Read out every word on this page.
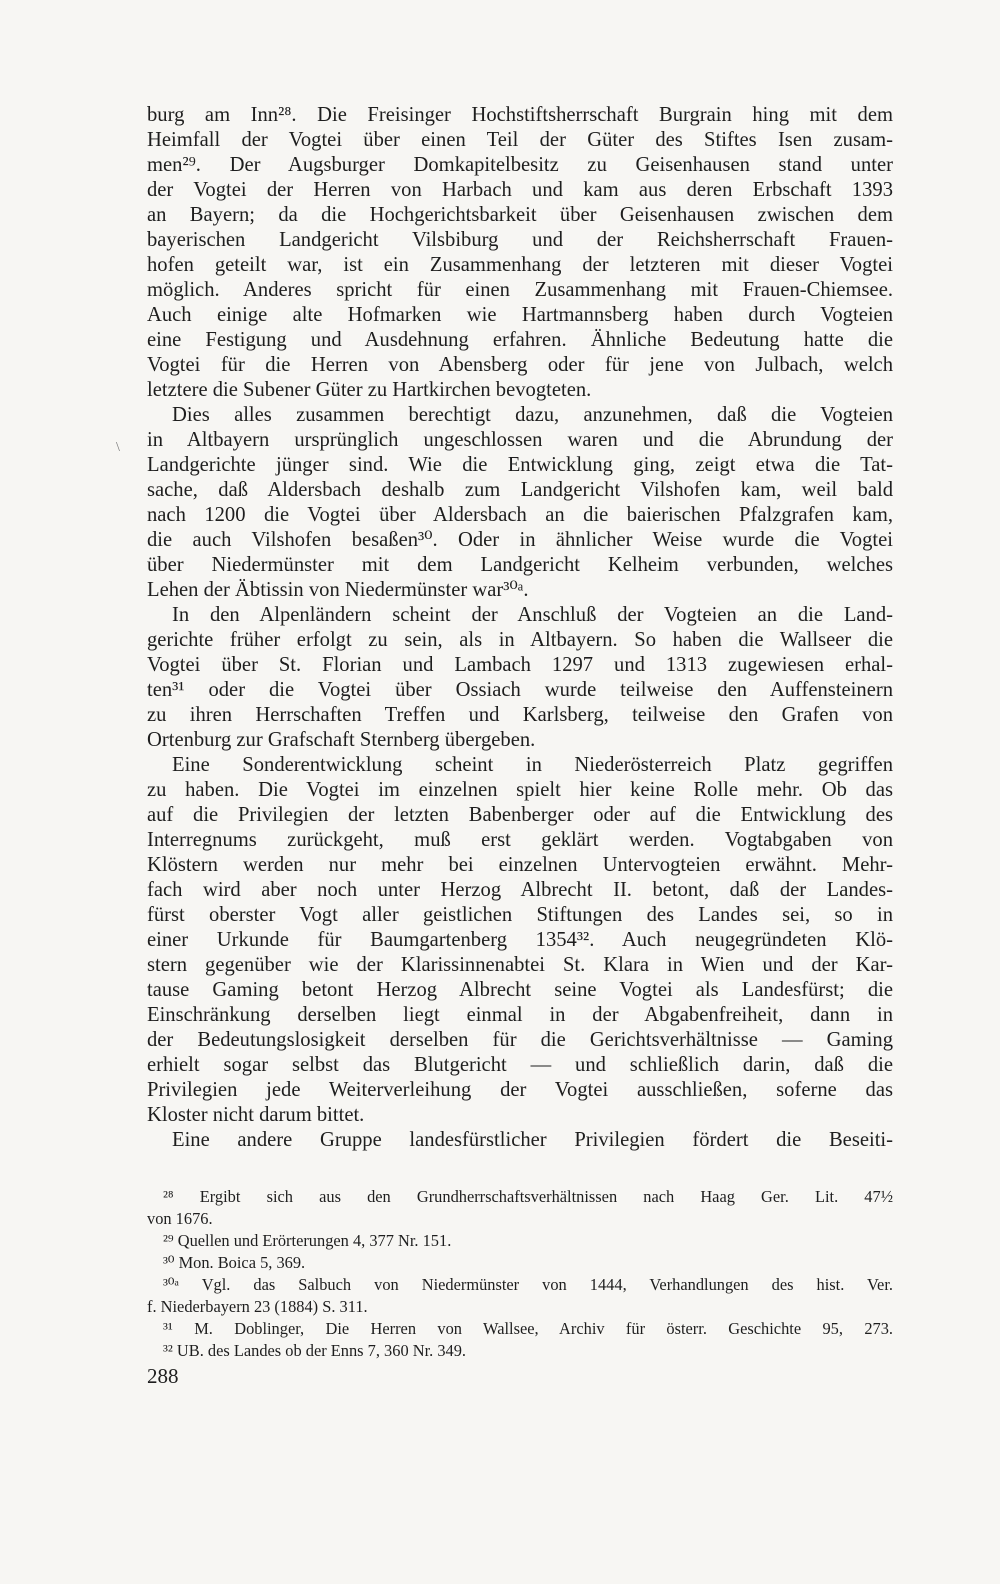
burg am Inn²⁸. Die Freisinger Hochstiftsherrschaft Burgrain hing mit dem
Heimfall der Vogtei über einen Teil der Güter des Stiftes Isen zusam-
men²⁹. Der Augsburger Domkapitelbesitz zu Geisenhausen stand unter
der Vogtei der Herren von Harbach und kam aus deren Erbschaft 1393
an Bayern; da die Hochgerichtsbarkeit über Geisenhausen zwischen dem
bayerischen Landgericht Vilsbiburg und der Reichsherrschaft Frauen-
hofen geteilt war, ist ein Zusammenhang der letzteren mit dieser Vogtei
möglich. Anderes spricht für einen Zusammenhang mit Frauen-Chiemsee.
Auch einige alte Hofmarken wie Hartmannsberg haben durch Vogteien
eine Festigung und Ausdehnung erfahren. Ähnliche Bedeutung hatte die
Vogtei für die Herren von Abensberg oder für jene von Julbach, welch
letztere die Subener Güter zu Hartkirchen bevogteten.
Dies alles zusammen berechtigt dazu, anzunehmen, daß die Vogteien
in Altbayern ursprünglich ungeschlossen waren und die Abrundung der
Landgerichte jünger sind. Wie die Entwicklung ging, zeigt etwa die Tat-
sache, daß Aldersbach deshalb zum Landgericht Vilshofen kam, weil bald
nach 1200 die Vogtei über Aldersbach an die baierischen Pfalzgrafen kam,
die auch Vilshofen besaßen³⁰. Oder in ähnlicher Weise wurde die Vogtei
über Niedermünster mit dem Landgericht Kelheim verbunden, welches
Lehen der Äbtissin von Niedermünster war³⁰ᵃ.
In den Alpenländern scheint der Anschluß der Vogteien an die Land-
gerichte früher erfolgt zu sein, als in Altbayern. So haben die Wallseer die
Vogtei über St. Florian und Lambach 1297 und 1313 zugewiesen erhal-
ten³¹ oder die Vogtei über Ossiach wurde teilweise den Auffensteinern
zu ihren Herrschaften Treffen und Karlsberg, teilweise den Grafen von
Ortenburg zur Grafschaft Sternberg übergeben.
Eine Sonderentwicklung scheint in Niederösterreich Platz gegriffen
zu haben. Die Vogtei im einzelnen spielt hier keine Rolle mehr. Ob das
auf die Privilegien der letzten Babenberger oder auf die Entwicklung des
Interregnums zurückgeht, muß erst geklärt werden. Vogtabgaben von
Klöstern werden nur mehr bei einzelnen Untervogteien erwähnt. Mehr-
fach wird aber noch unter Herzog Albrecht II. betont, daß der Landes-
fürst oberster Vogt aller geistlichen Stiftungen des Landes sei, so in
einer Urkunde für Baumgartenberg 1354³². Auch neugegründeten Klö-
stern gegenüber wie der Klarissinnenabtei St. Klara in Wien und der Kar-
tause Gaming betont Herzog Albrecht seine Vogtei als Landesfürst; die
Einschränkung derselben liegt einmal in der Abgabenfreiheit, dann in
der Bedeutungslosigkeit derselben für die Gerichtsverhältnisse — Gaming
erhielt sogar selbst das Blutgericht — und schließlich darin, daß die
Privilegien jede Weiterverleihung der Vogtei ausschließen, soferne das
Kloster nicht darum bittet.
Eine andere Gruppe landesfürstlicher Privilegien fördert die Beseiti-
\
²⁸ Ergibt sich aus den Grundherrschaftsverhältnissen nach Haag Ger. Lit. 47½
von 1676.
²⁹ Quellen und Erörterungen 4, 377 Nr. 151.
³⁰ Mon. Boica 5, 369.
³⁰ᵃ Vgl. das Salbuch von Niedermünster von 1444, Verhandlungen des hist. Ver.
f. Niederbayern 23 (1884) S. 311.
³¹ M. Doblinger, Die Herren von Wallsee, Archiv für österr. Geschichte 95, 273.
³² UB. des Landes ob der Enns 7, 360 Nr. 349.
288
